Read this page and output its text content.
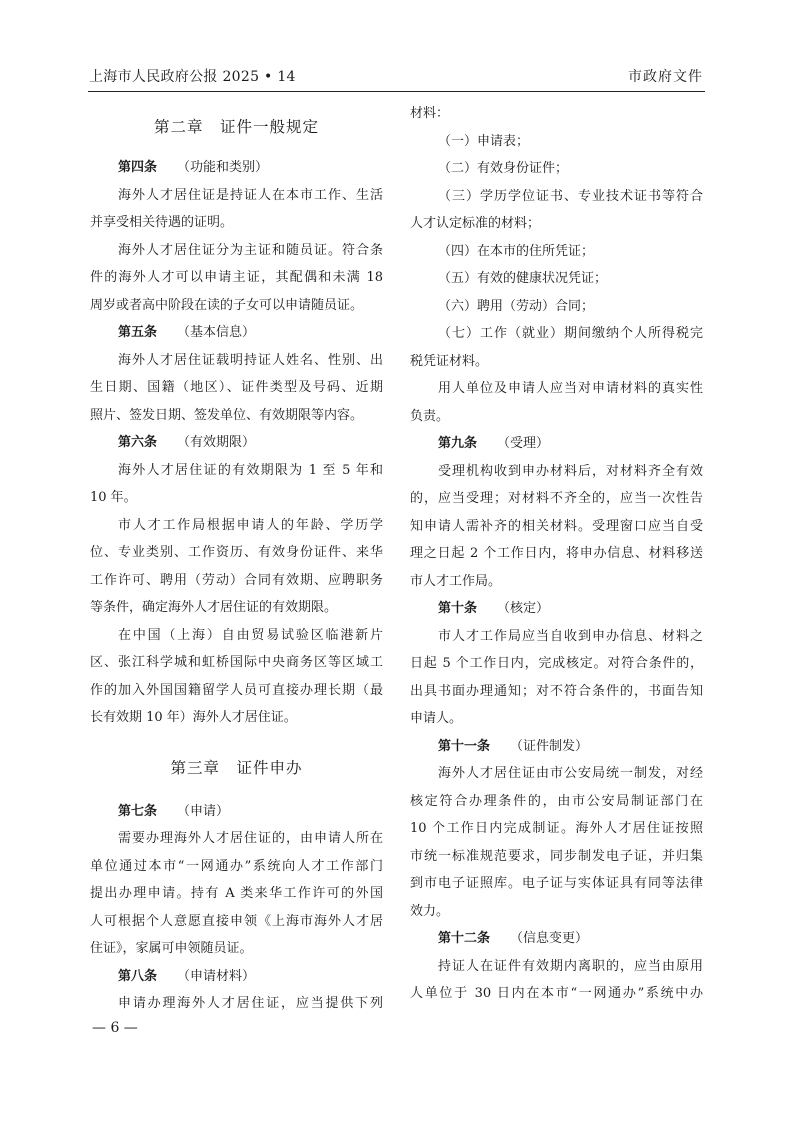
上海市人民政府公报 2025 • 14	市政府文件
第二章　证件一般规定
第四条 （功能和类别）
海外人才居住证是持证人在本市工作、生活
并享受相关待遇的证明。
海外人才居住证分为主证和随员证。符合条
件的海外人才可以申请主证，其配偶和未满 18
周岁或者高中阶段在读的子女可以申请随员证。
第五条 （基本信息）
海外人才居住证载明持证人姓名、性别、出
生日期、国籍（地区）、证件类型及号码、近期
照片、签发日期、签发单位、有效期限等内容。
第六条 （有效期限）
海外人才居住证的有效期限为 1 至 5 年和
10 年。
市人才工作局根据申请人的年龄、学历学
位、专业类别、工作资历、有效身份证件、来华
工作许可、聘用（劳动）合同有效期、应聘职务
等条件，确定海外人才居住证的有效期限。
在中国（上海）自由贸易试验区临港新片
区、张江科学城和虹桥国际中央商务区等区域工
作的加入外国国籍留学人员可直接办理长期（最
长有效期 10 年）海外人才居住证。
第三章　证件申办
第七条 （申请）
需要办理海外人才居住证的，由申请人所在
单位通过本市“一网通办”系统向人才工作部门
提出办理申请。持有 A 类来华工作许可的外国
人可根据个人意愿直接申领《上海市海外人才居
住证》，家属可申领随员证。
第八条 （申请材料）
申请办理海外人才居住证，应当提供下列
材料：
（一）申请表；
（二）有效身份证件；
（三）学历学位证书、专业技术证书等符合
人才认定标准的材料；
（四）在本市的住所凭证；
（五）有效的健康状况凭证；
（六）聘用（劳动）合同；
（七）工作（就业）期间缴纳个人所得税完
税凭证材料。
用人单位及申请人应当对申请材料的真实性
负责。
第九条 （受理）
受理机构收到申办材料后，对材料齐全有效
的，应当受理；对材料不齐全的，应当一次性告
知申请人需补齐的相关材料。受理窗口应当自受
理之日起 2 个工作日内，将申办信息、材料移送
市人才工作局。
第十条 （核定）
市人才工作局应当自收到申办信息、材料之
日起 5 个工作日内，完成核定。对符合条件的，
出具书面办理通知；对不符合条件的，书面告知
申请人。
第十一条 （证件制发）
海外人才居住证由市公安局统一制发，对经
核定符合办理条件的，由市公安局制证部门在
10 个工作日内完成制证。海外人才居住证按照
市统一标准规范要求，同步制发电子证，并归集
到市电子证照库。电子证与实体证具有同等法律
效力。
第十二条 （信息变更）
持证人在证件有效期内离职的，应当由原用
人单位于 30 日内在本市“一网通办”系统中办
— 6 —
